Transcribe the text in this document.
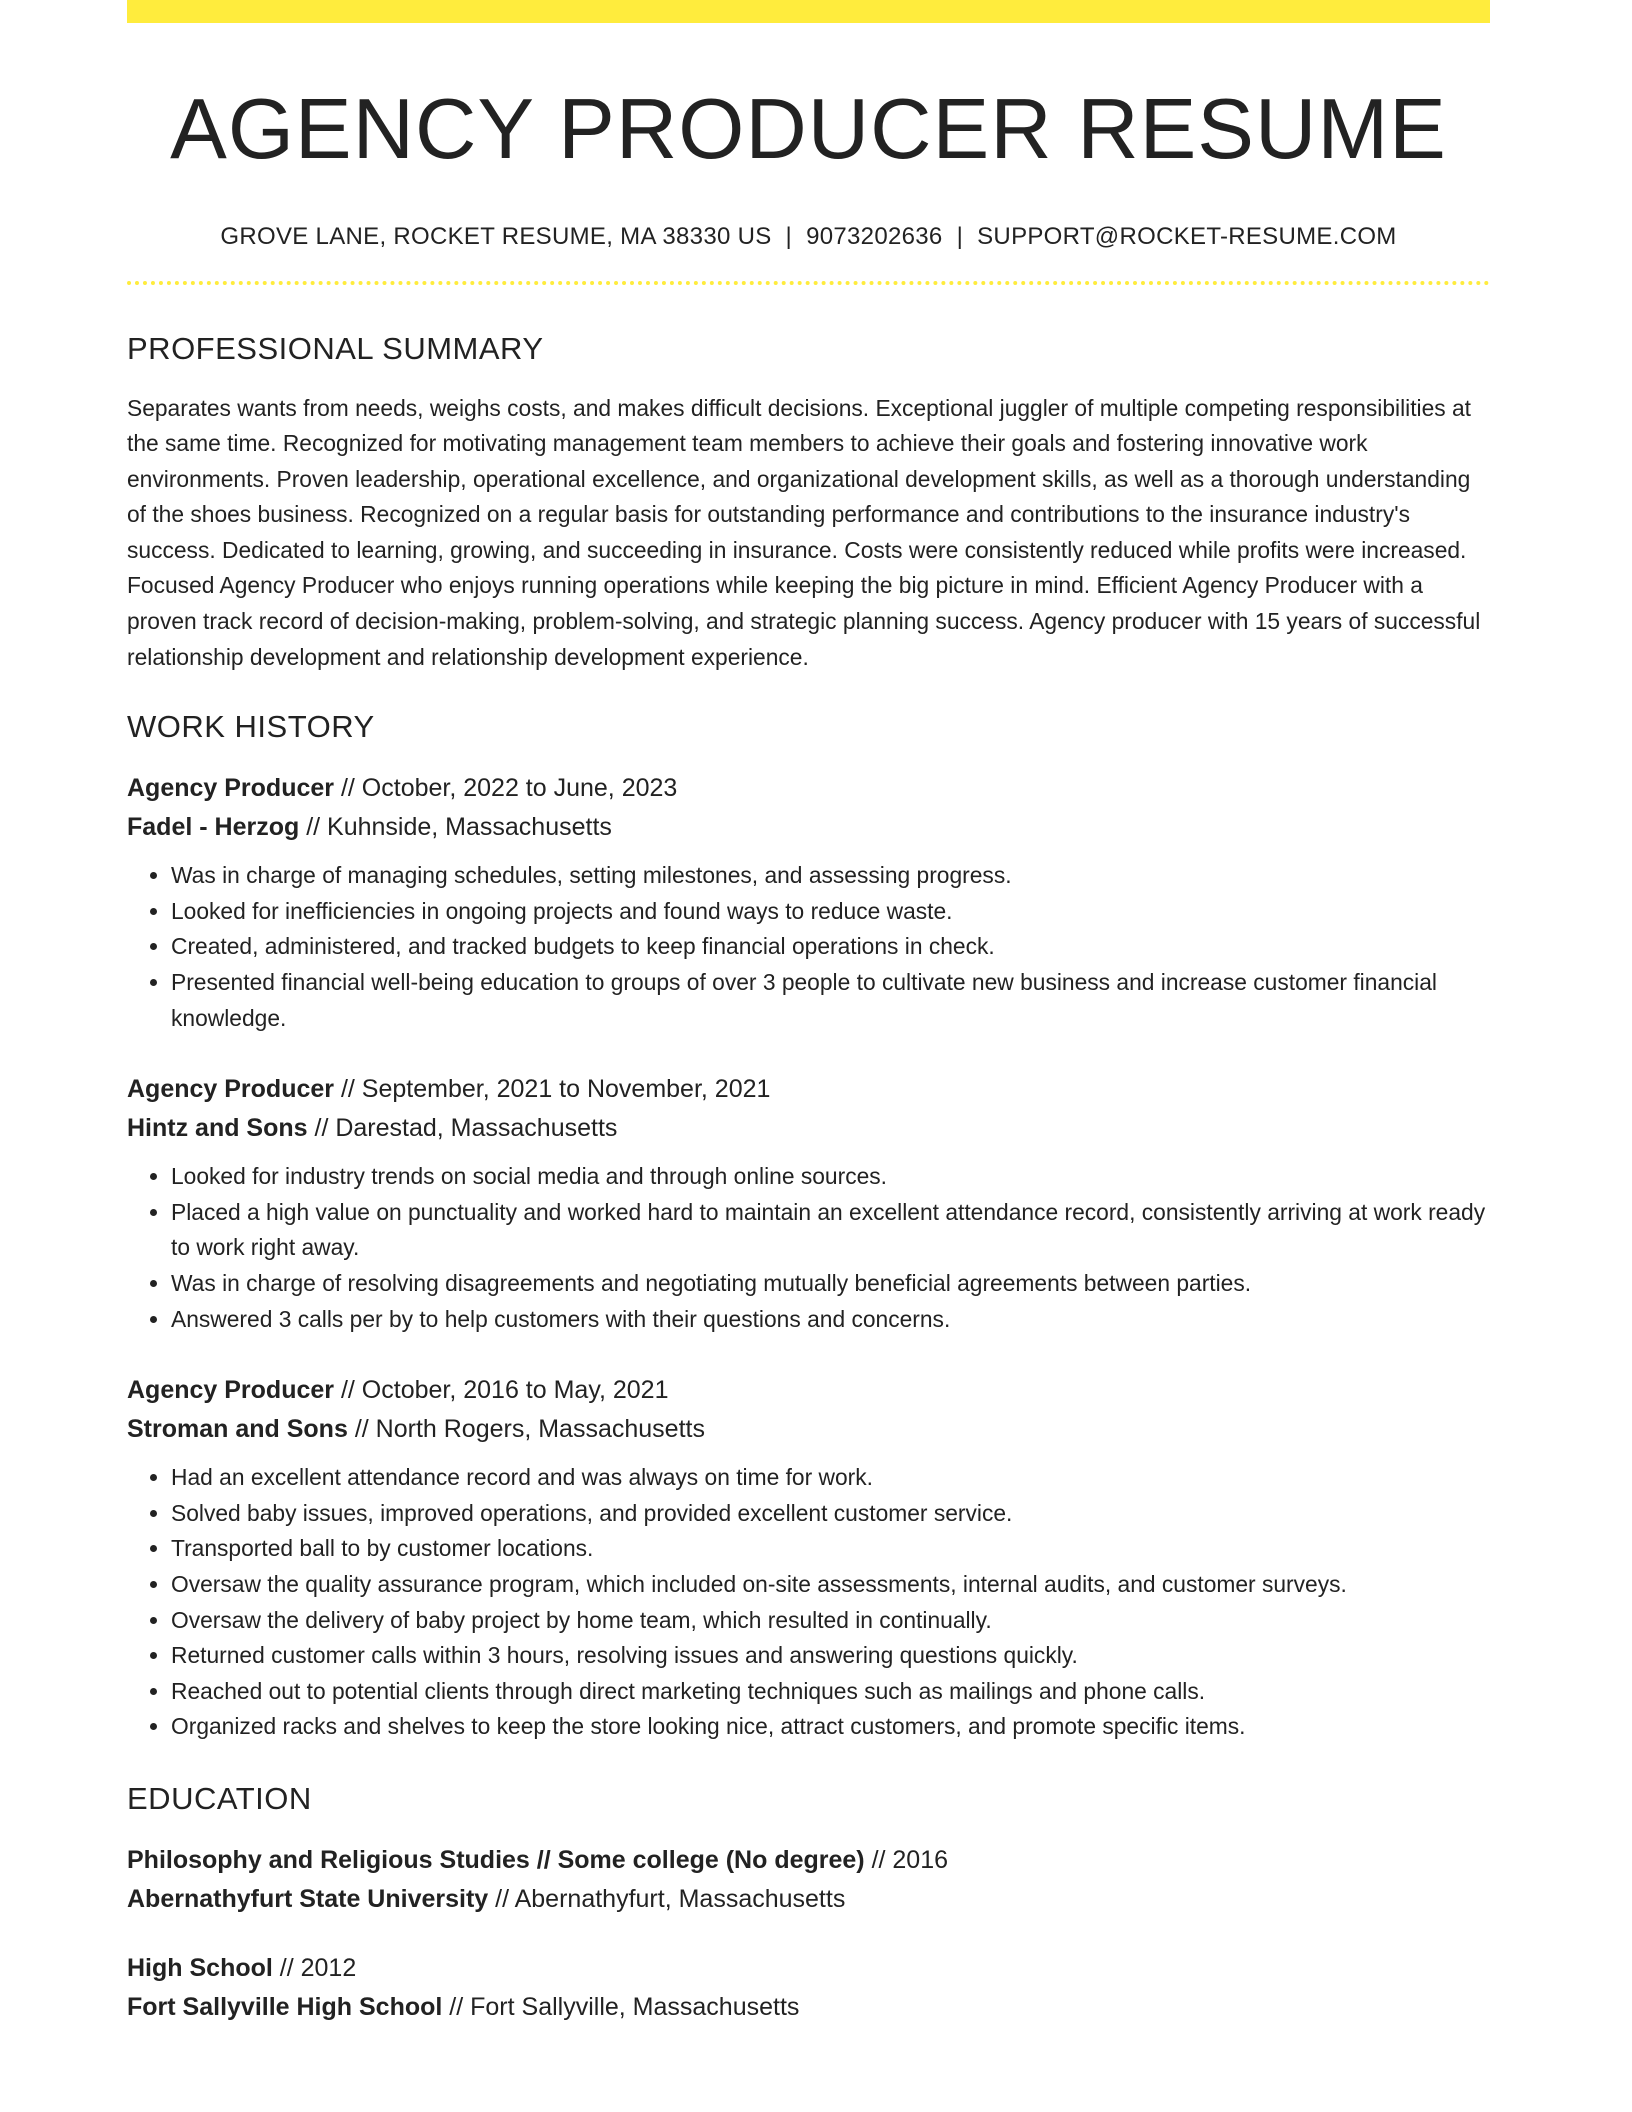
AGENCY PRODUCER RESUME
GROVE LANE, ROCKET RESUME, MA 38330 US | 9073202636 | SUPPORT@ROCKET-RESUME.COM
PROFESSIONAL SUMMARY

Separates wants from needs, weighs costs, and makes difficult decisions. Exceptional juggler of multiple competing responsibilities at the same time. Recognized for motivating management team members to achieve their goals and fostering innovative work environments. Proven leadership, operational excellence, and organizational development skills, as well as a thorough understanding of the shoes business. Recognized on a regular basis for outstanding performance and contributions to the insurance industry's success. Dedicated to learning, growing, and succeeding in insurance. Costs were consistently reduced while profits were increased. Focused Agency Producer who enjoys running operations while keeping the big picture in mind. Efficient Agency Producer with a proven track record of decision-making, problem-solving, and strategic planning success. Agency producer with 15 years of successful relationship development and relationship development experience.

WORK HISTORY
Agency Producer // October, 2022 to June, 2023
Fadel - Herzog // Kuhnside, Massachusetts
• Was in charge of managing schedules, setting milestones, and assessing progress.
• Looked for inefficiencies in ongoing projects and found ways to reduce waste.
• Created, administered, and tracked budgets to keep financial operations in check.
• Presented financial well-being education to groups of over 3 people to cultivate new business and increase customer financial knowledge.
Agency Producer // September, 2021 to November, 2021
Hintz and Sons // Darestad, Massachusetts
• Looked for industry trends on social media and through online sources.
• Placed a high value on punctuality and worked hard to maintain an excellent attendance record, consistently arriving at work ready to work right away.
• Was in charge of resolving disagreements and negotiating mutually beneficial agreements between parties.
• Answered 3 calls per by to help customers with their questions and concerns.
Agency Producer // October, 2016 to May, 2021
Stroman and Sons // North Rogers, Massachusetts
• Had an excellent attendance record and was always on time for work.
• Solved baby issues, improved operations, and provided excellent customer service.
• Transported ball to by customer locations.
• Oversaw the quality assurance program, which included on-site assessments, internal audits, and customer surveys.
• Oversaw the delivery of baby project by home team, which resulted in continually.
• Returned customer calls within 3 hours, resolving issues and answering questions quickly.
• Reached out to potential clients through direct marketing techniques such as mailings and phone calls.
• Organized racks and shelves to keep the store looking nice, attract customers, and promote specific items.
EDUCATION
Philosophy and Religious Studies // Some college (No degree) // 2016
Abernathyfurt State University // Abernathyfurt, Massachusetts
High School // 2012
Fort Sallyville High School // Fort Sallyville, Massachusetts
